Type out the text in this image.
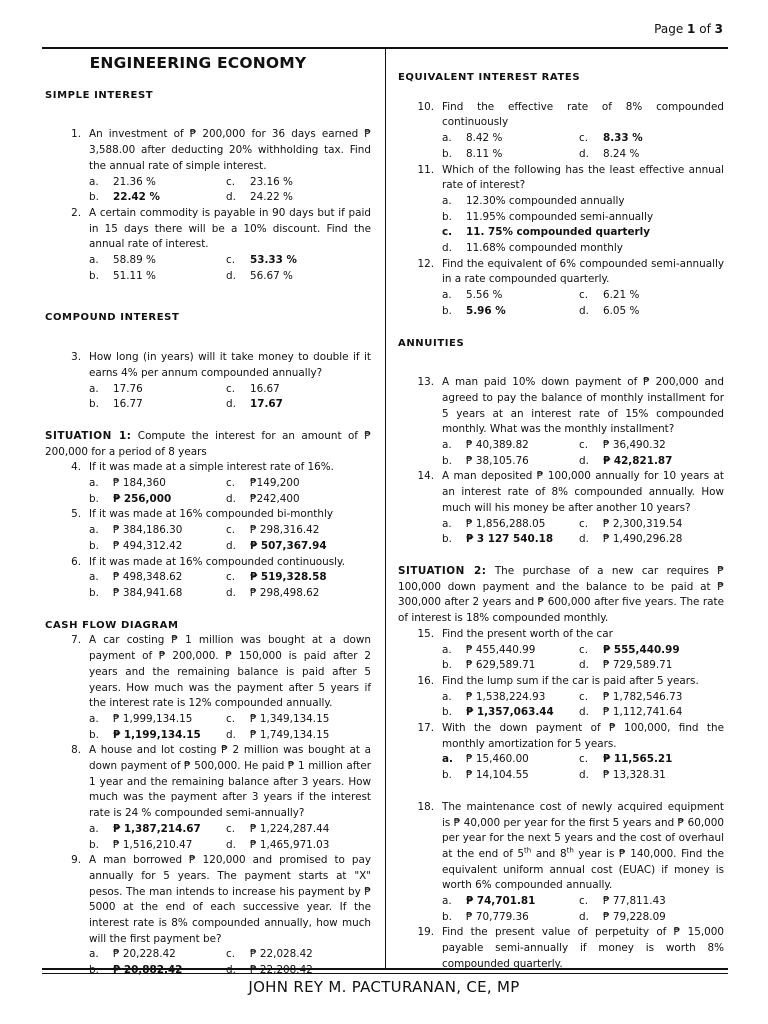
Page 1 of 3
JOHN REY M. PACTURANAN, CE, MP
ENGINEERING ECONOMY
SIMPLE INTEREST
1. An investment of ₱ 200,000 for 36 days earned ₱ 3,588.00 after deducting 20% withholding tax. Find the annual rate of simple interest.
a.	21.36 %	c.	23.16 %
b.	22.42 %	d.	24.22 %
2. A certain commodity is payable in 90 days but if paid in 15 days there will be a 10% discount. Find the annual rate of interest.
a.	58.89 %	c.	53.33 %
b.	51.11 %	d.	56.67 %
COMPOUND INTEREST
3. How long (in years) will it take money to double if it earns 4% per annum compounded annually?
a.	17.76	c.	16.67
b.	16.77	d.	17.67
SITUATION 1: Compute the interest for an amount of ₱ 200,000 for a period of 8 years
4. If it was made at a simple interest rate of 16%.
a.	₱ 184,360	c.	₱149,200
b.	₱ 256,000	d.	₱242,400
5. If it was made at 16% compounded bi-monthly
a.	₱ 384,186.30	c.	₱ 298,316.42
b.	₱ 494,312.42	d.	₱ 507,367.94
6. If it was made at 16% compounded continuously.
a.	₱ 498,348.62	c.	₱ 519,328.58
b.	₱ 384,941.68	d.	₱ 298,498.62
CASH FLOW DIAGRAM
7. A car costing ₱ 1 million was bought at a down payment of ₱ 200,000. ₱ 150,000 is paid after 2 years and the remaining balance is paid after 5 years. How much was the payment after 5 years if the interest rate is 12% compounded annually.
a.	₱ 1,999,134.15	c.	₱ 1,349,134.15
b.	₱ 1,199,134.15	d.	₱ 1,749,134.15
8. A house and lot costing ₱ 2 million was bought at a down payment of ₱ 500,000. He paid ₱ 1 million after 1 year and the remaining balance after 3 years. How much was the payment after 3 years if the interest rate is 24 % compounded semi-annually?
a.	₱ 1,387,214.67	c.	₱ 1,224,287.44
b.	₱ 1,516,210.47	d.	₱ 1,465,971.03
9. A man borrowed ₱ 120,000 and promised to pay annually for 5 years. The payment starts at "X" pesos. The man intends to increase his payment by ₱ 5000 at the end of each successive year. If the interest rate is 8% compounded annually, how much will the first payment be?
a.	₱ 20,228.42	c.	₱ 22,028.42
b.	₱ 20,882.42	d.	₱ 22,208.42
EQUIVALENT INTEREST RATES
10. Find the effective rate of 8% compounded continuously
a.	8.42 %	c.	8.33 %
b.	8.11 %	d.	8.24 %
11. Which of the following has the least effective annual rate of interest?
a.	12.30% compounded annually
b.	11.95% compounded semi-annually
c.	11. 75% compounded quarterly
d.	11.68% compounded monthly
12. Find the equivalent of 6% compounded semi-annually in a rate compounded quarterly.
a.	5.56 %	c.	6.21 %
b.	5.96 %	d.	6.05 %
ANNUITIES
13. A man paid 10% down payment of ₱ 200,000 and agreed to pay the balance of monthly installment for 5 years at an interest rate of 15% compounded monthly. What was the monthly installment?
a.	₱ 40,389.82	c.	₱ 36,490.32
b.	₱ 38,105.76	d.	₱ 42,821.87
14. A man deposited ₱ 100,000 annually for 10 years at an interest rate of 8% compounded annually. How much will his money be after another 10 years?
a.	₱ 1,856,288.05	c.	₱ 2,300,319.54
b.	₱ 3 127 540.18	d.	₱ 1,490,296.28
SITUATION 2: The purchase of a new car requires ₱ 100,000 down payment and the balance to be paid at ₱ 300,000 after 2 years and ₱ 600,000 after five years. The rate of interest is 18% compounded monthly.
15. Find the present worth of the car
a.	₱ 455,440.99	c.	₱ 555,440.99
b.	₱ 629,589.71	d.	₱ 729,589.71
16. Find the lump sum if the car is paid after 5 years.
a.	₱ 1,538,224.93	c.	₱ 1,782,546.73
b.	₱ 1,357,063.44	d.	₱ 1,112,741.64
17. With the down payment of ₱ 100,000, find the monthly amortization for 5 years.
a.	₱ 15,460.00	c.	₱ 11,565.21
b.	₱ 14,104.55	d.	₱ 13,328.31
18. The maintenance cost of newly acquired equipment is ₱ 40,000 per year for the first 5 years and ₱ 60,000 per year for the next 5 years and the cost of overhaul at the end of 5th and 8th year is ₱ 140,000. Find the equivalent uniform annual cost (EUAC) if money is worth 6% compounded annually.
a.	₱ 74,701.81	c.	₱ 77,811.43
b.	₱ 70,779.36	d.	₱ 79,228.09
19. Find the present value of perpetuity of ₱ 15,000 payable semi-annually if money is worth 8% compounded quarterly.
